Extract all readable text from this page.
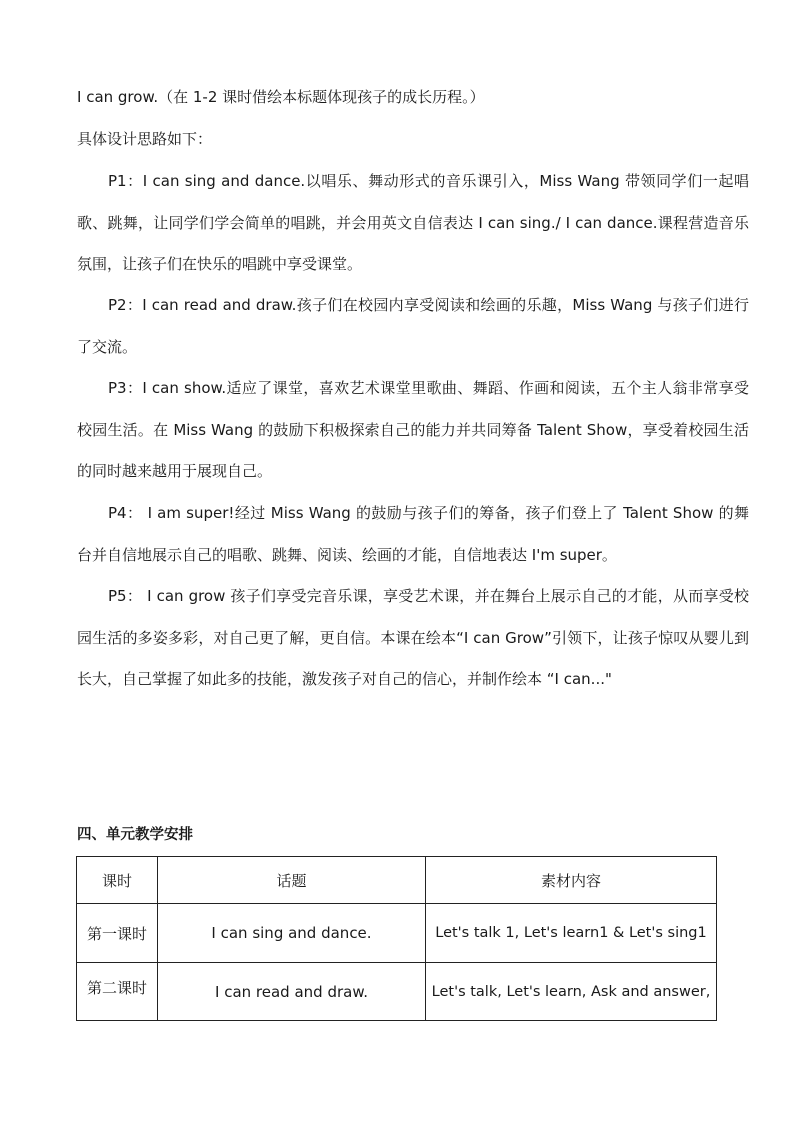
I can grow.（在 1-2 课时借绘本标题体现孩子的成长历程。）

具体设计思路如下：

P1：I can sing and dance.以唱乐、舞动形式的音乐课引入，Miss Wang 带领同学们一起唱歌、跳舞，让同学们学会简单的唱跳，并会用英文自信表达 I can sing./ I can dance.课程营造音乐氛围，让孩子们在快乐的唱跳中享受课堂。

P2：I can read and draw.孩子们在校园内享受阅读和绘画的乐趣，Miss Wang 与孩子们进行了交流。

P3：I can show.适应了课堂，喜欢艺术课堂里歌曲、舞蹈、作画和阅读，五个主人翁非常享受校园生活。在 Miss Wang 的鼓励下积极探索自己的能力并共同筹备 Talent Show，享受着校园生活的同时越来越用于展现自己。

P4： I am super!经过 Miss Wang 的鼓励与孩子们的筹备，孩子们登上了 Talent Show 的舞台并自信地展示自己的唱歌、跳舞、阅读、绘画的才能，自信地表达 I'm super。

P5： I can grow 孩子们享受完音乐课，享受艺术课，并在舞台上展示自己的才能，从而享受校园生活的多姿多彩，对自己更了解，更自信。本课在绘本“I can Grow”引领下，让孩子惊叹从婴儿到长大，自己掌握了如此多的技能，激发孩子对自己的信心，并制作绘本 “I can..."

四、单元教学安排

课时	话题	素材内容
第一课时	I can sing and dance.	Let's talk 1, Let's learn1 & Let's sing1
第二课时	I can read and draw.	Let's talk, Let's learn, Ask and answer,
